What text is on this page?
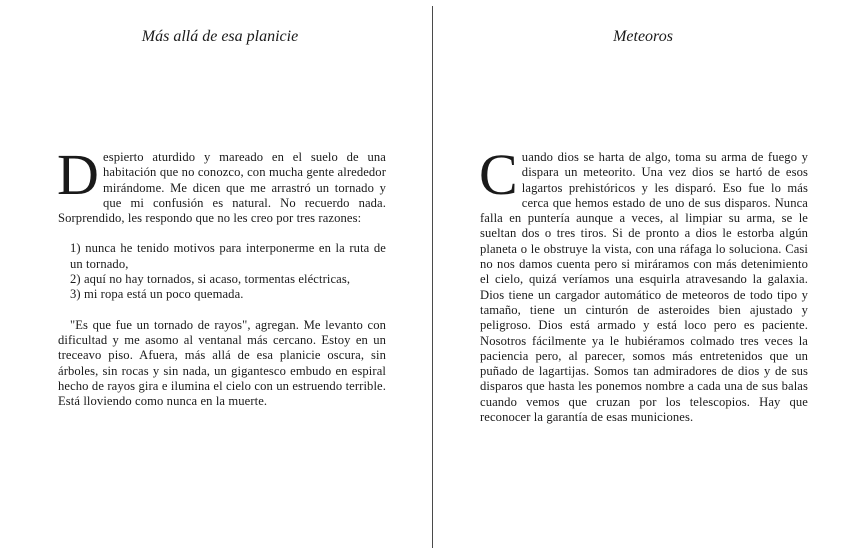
Más allá de esa planicie

Despierto aturdido y mareado en el suelo de una habitación que no conozco, con mucha gente alrededor mirándome. Me dicen que me arrastró un tornado y que mi confusión es natural. No recuerdo nada. Sorprendido, les respondo que no les creo por tres razones:

1) nunca he tenido motivos para interponerme en la ruta de un tornado,

2) aquí no hay tornados, si acaso, tormentas eléctricas,

3) mi ropa está un poco quemada.

"Es que fue un tornado de rayos", agregan. Me levanto con dificultad y me asomo al ventanal más cercano. Estoy en un treceavo piso. Afuera, más allá de esa planicie oscura, sin árboles, sin rocas y sin nada, un gigantesco embudo en espiral hecho de rayos gira e ilumina el cielo con un estruendo terrible. Está lloviendo como nunca en la muerte.

Meteoros

Cuando dios se harta de algo, toma su arma de fuego y dispara un meteorito. Una vez dios se hartó de esos lagartos prehistóricos y les disparó. Eso fue lo más cerca que hemos estado de uno de sus disparos. Nunca falla en puntería aunque a veces, al limpiar su arma, se le sueltan dos o tres tiros. Si de pronto a dios le estorba algún planeta o le obstruye la vista, con una ráfaga lo soluciona. Casi no nos damos cuenta pero si miráramos con más detenimiento el cielo, quizá veríamos una esquirla atravesando la galaxia. Dios tiene un cargador automático de meteoros de todo tipo y tamaño, tiene un cinturón de asteroides bien ajustado y peligroso. Dios está armado y está loco pero es paciente. Nosotros fácilmente ya le hubiéramos colmado tres veces la paciencia pero, al parecer, somos más entretenidos que un puñado de lagartijas. Somos tan admiradores de dios y de sus disparos que hasta les ponemos nombre a cada una de sus balas cuando vemos que cruzan por los telescopios. Hay que reconocer la garantía de esas municiones.
